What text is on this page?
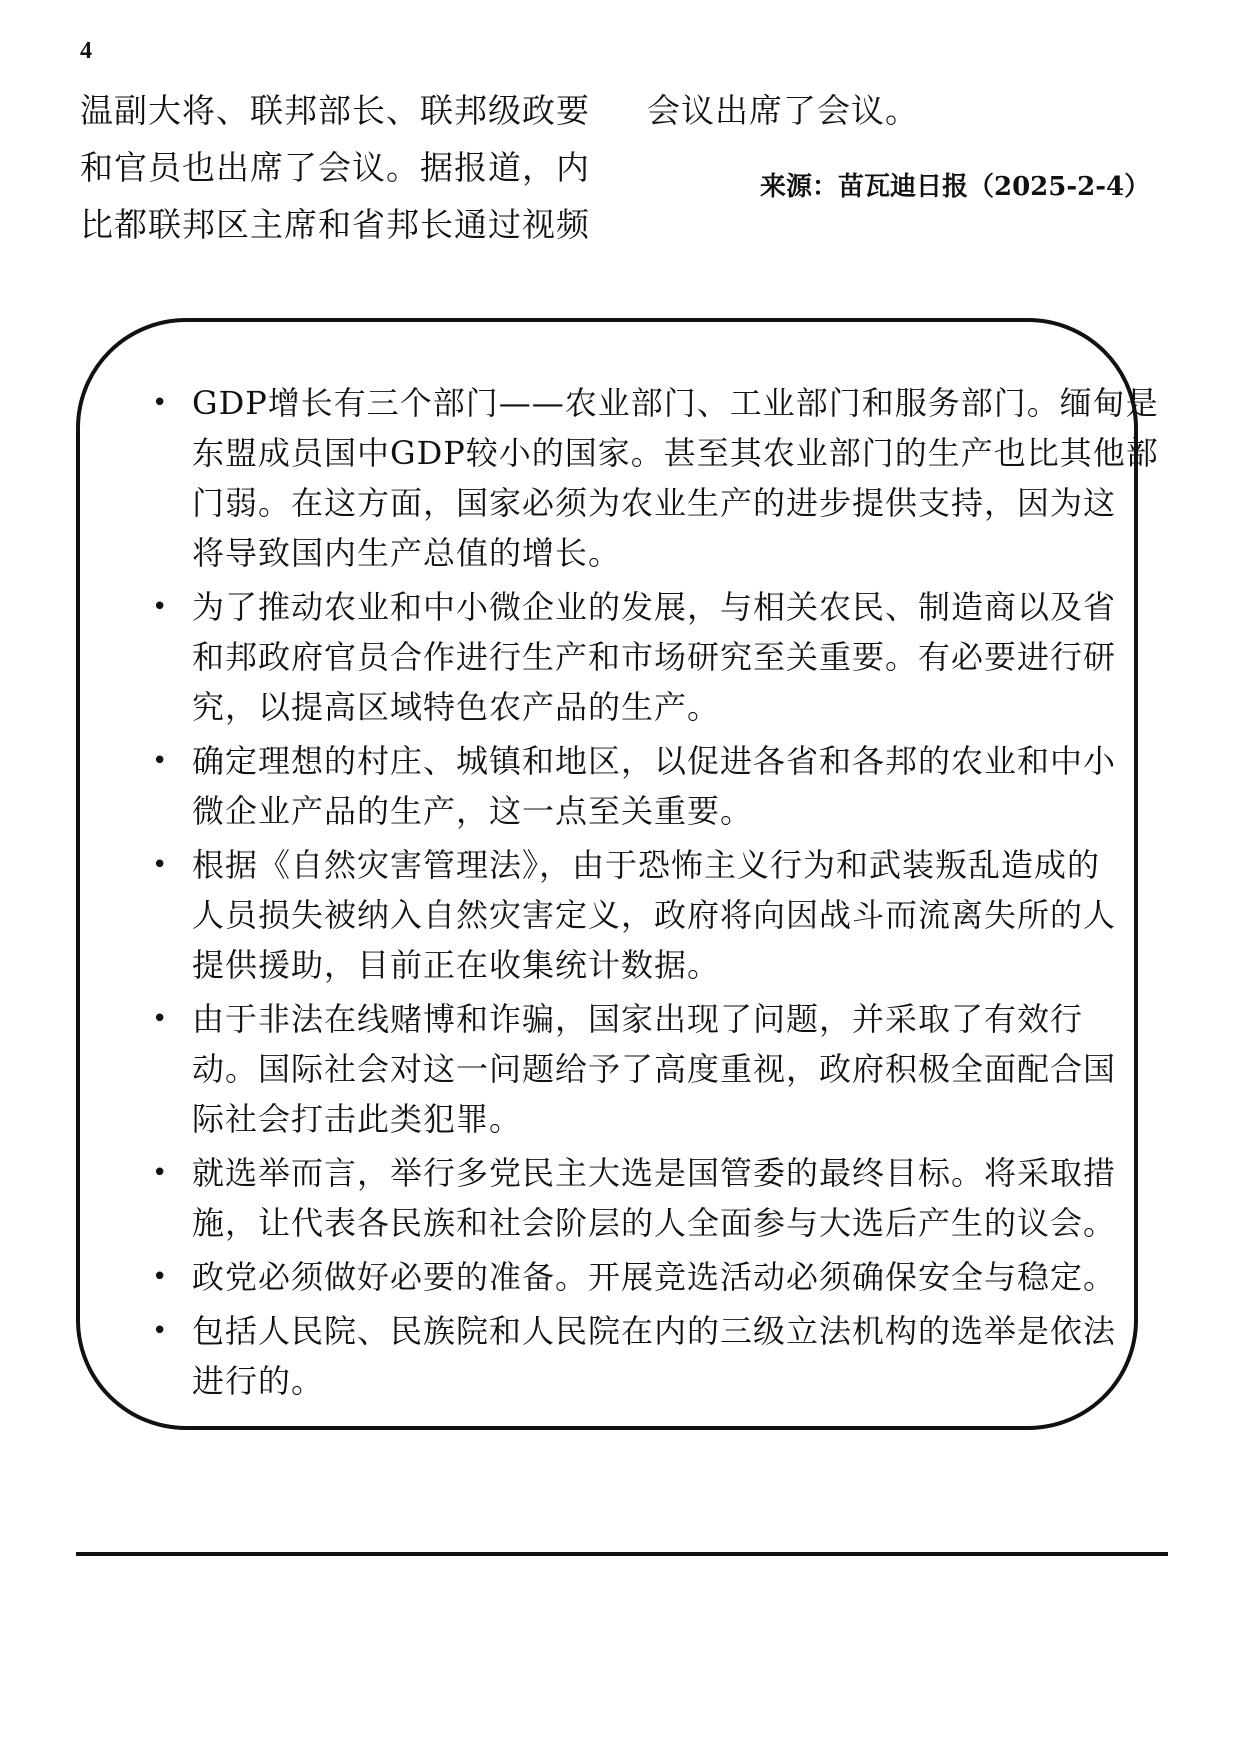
4

温副大将、联邦部长、联邦级政要
和官员也出席了会议。据报道，内
比都联邦区主席和省邦长通过视频

会议出席了会议。

来源：苗瓦迪日报（2025-2-4）
• GDP增长有三个部门——农业部门、工业部门和服务部门。缅甸是
东盟成员国中GDP较小的国家。甚至其农业部门的生产也比其他部
门弱。在这方面，国家必须为农业生产的进步提供支持，因为这
将导致国内生产总值的增长。
• 为了推动农业和中小微企业的发展，与相关农民、制造商以及省
和邦政府官员合作进行生产和市场研究至关重要。有必要进行研
究，以提高区域特色农产品的生产。
• 确定理想的村庄、城镇和地区，以促进各省和各邦的农业和中小
微企业产品的生产，这一点至关重要。
• 根据《自然灾害管理法》，由于恐怖主义行为和武装叛乱造成的
人员损失被纳入自然灾害定义，政府将向因战斗而流离失所的人
提供援助，目前正在收集统计数据。
• 由于非法在线赌博和诈骗，国家出现了问题，并采取了有效行
动。国际社会对这一问题给予了高度重视，政府积极全面配合国
际社会打击此类犯罪。
• 就选举而言，举行多党民主大选是国管委的最终目标。将采取措
施，让代表各民族和社会阶层的人全面参与大选后产生的议会。
• 政党必须做好必要的准备。开展竞选活动必须确保安全与稳定。
• 包括人民院、民族院和人民院在内的三级立法机构的选举是依法
进行的。
